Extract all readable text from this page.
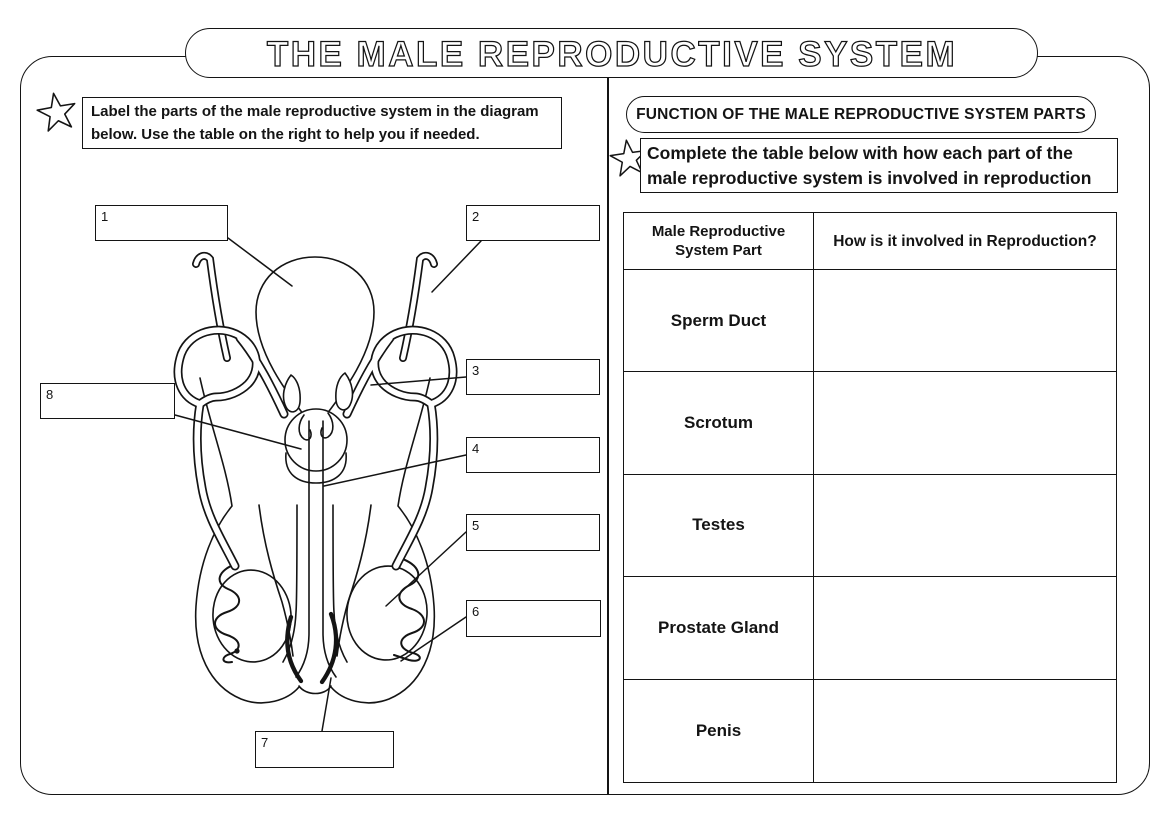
THE MALE REPRODUCTIVE SYSTEM
Label the parts of the male reproductive system in the diagram below. Use the table on the right to help you if needed.
FUNCTION OF THE MALE REPRODUCTIVE SYSTEM PARTS
Complete the table below with how each part of the male reproductive system is involved in reproduction
1	2
3
4
5
6
7
8
Male Reproductive System Part
How is it involved in Reproduction?
Sperm Duct
Scrotum
Testes
Prostate Gland
Penis
